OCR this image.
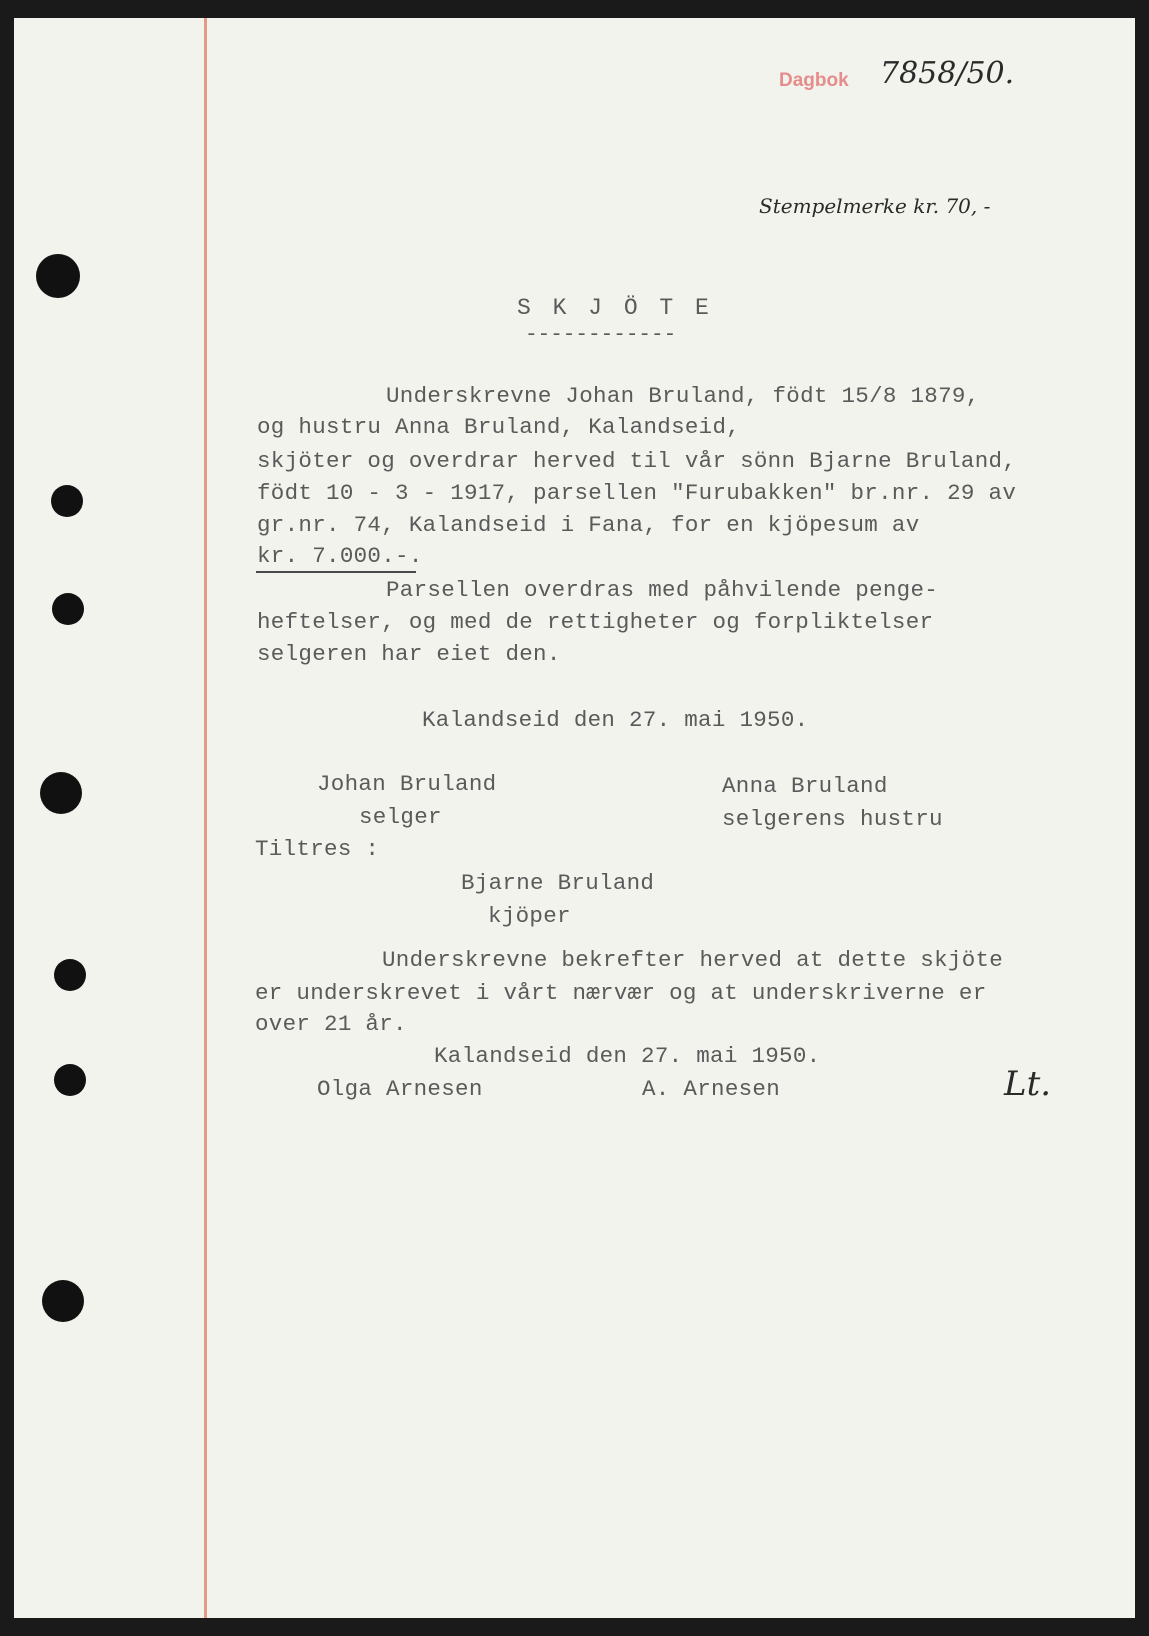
Dagbok 7858/50.
Stempelmerke kr. 70, -
S K J Ö T E
------------
Underskrevne Johan Bruland, födt 15/8 1879,
og hustru Anna Bruland, Kalandseid,
skjöter og overdrar herved til vår sönn Bjarne Bruland,
födt 10 - 3 - 1917, parsellen "Furubakken" br.nr. 29 av
gr.nr. 74, Kalandseid i Fana, for en kjöpesum av
kr. 7.000.-.
Parsellen overdras med påhvilende penge-
heftelser, og med de rettigheter og forpliktelser
selgeren har eiet den.
Kalandseid den 27. mai 1950.
Johan Bruland
selger
Anna Bruland
selgerens hustru
Tiltres :
Bjarne Bruland
kjöper
Underskrevne bekrefter herved at dette skjöte
er underskrevet i vårt nærvær og at underskriverne er
over 21 år.
Kalandseid den 27. mai 1950.
Olga Arnesen	A. Arnesen	Lt.
